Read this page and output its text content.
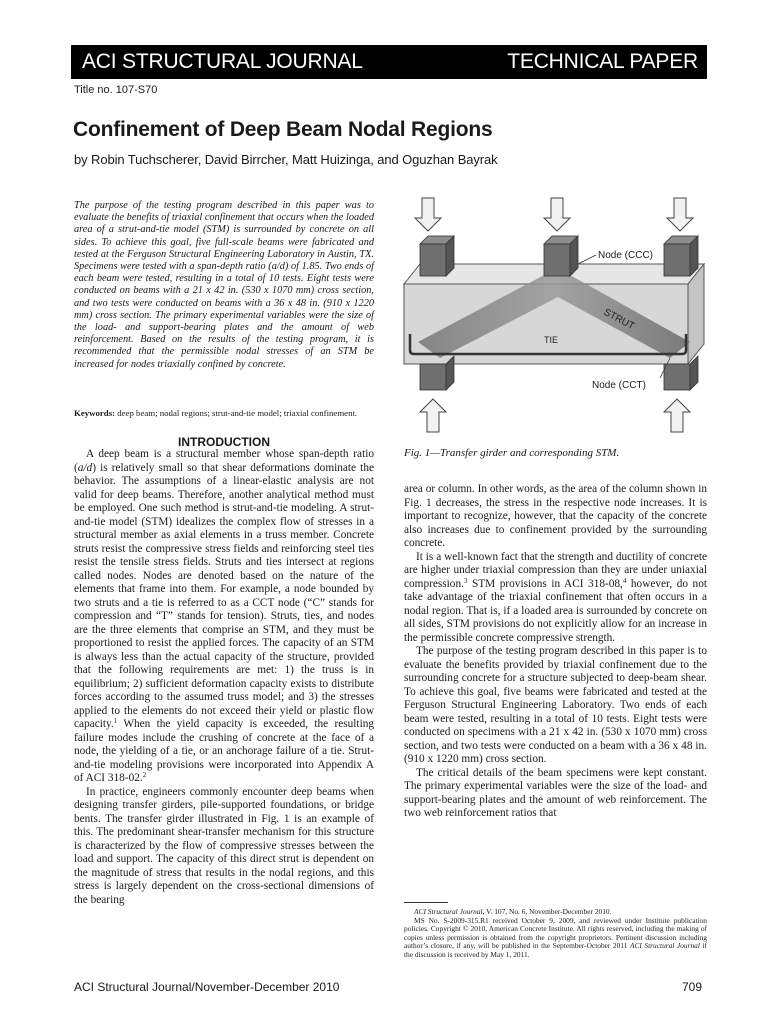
ACI STRUCTURAL JOURNAL	TECHNICAL PAPER
Title no. 107-S70
Confinement of Deep Beam Nodal Regions
by Robin Tuchscherer, David Birrcher, Matt Huizinga, and Oguzhan Bayrak

The purpose of the testing program described in this paper was to evaluate the benefits of triaxial confinement that occurs when the loaded area of a strut-and-tie model (STM) is surrounded by concrete on all sides. To achieve this goal, five full-scale beams were fabricated and tested at the Ferguson Structural Engineering Laboratory in Austin, TX. Specimens were tested with a span-depth ratio (a/d) of 1.85. Two ends of each beam were tested, resulting in a total of 10 tests. Eight tests were conducted on beams with a 21 x 42 in. (530 x 1070 mm) cross section, and two tests were conducted on beams with a 36 x 48 in. (910 x 1220 mm) cross section. The primary experimental variables were the size of the load- and support-bearing plates and the amount of web reinforcement. Based on the results of the testing program, it is recommended that the permissible nodal stresses of an STM be increased for nodes triaxially confined by concrete.

Keywords: deep beam; nodal regions; strut-and-tie model; triaxial confinement.

INTRODUCTION

A deep beam is a structural member whose span-depth ratio (a/d) is relatively small so that shear deformations dominate the behavior. The assumptions of a linear-elastic analysis are not valid for deep beams. Therefore, another analytical method must be employed. One such method is strut-and-tie modeling. A strut-and-tie model (STM) idealizes the complex flow of stresses in a structural member as axial elements in a truss member. Concrete struts resist the compressive stress fields and reinforcing steel ties resist the tensile stress fields. Struts and ties intersect at regions called nodes. Nodes are denoted based on the nature of the elements that frame into them. For example, a node bounded by two struts and a tie is referred to as a CCT node (“C” stands for compression and “T” stands for tension). Struts, ties, and nodes are the three elements that comprise an STM, and they must be proportioned to resist the applied forces. The capacity of an STM is always less than the actual capacity of the structure, provided that the following requirements are met: 1) the truss is in equilibrium; 2) sufficient deformation capacity exists to distribute forces according to the assumed truss model; and 3) the stresses applied to the elements do not exceed their yield or plastic flow capacity.$^1$ When the yield capacity is exceeded, the resulting failure modes include the crushing of concrete at the face of a node, the yielding of a tie, or an anchorage failure of a tie. Strut-and-tie modeling provisions were incorporated into Appendix A of ACI 318-02.$^2$

In practice, engineers commonly encounter deep beams when designing transfer girders, pile-supported foundations, or bridge bents. The transfer girder illustrated in Fig. 1 is an example of this. The predominant shear-transfer mechanism for this structure is characterized by the flow of compressive stresses between the load and support. The capacity of this direct strut is dependent on the magnitude of stress that results in the nodal regions, and this stress is largely dependent on the cross-sectional dimensions of the bearing

Node (CCC)
STRUT
TIE
Node (CCT)

Fig. 1—Transfer girder and corresponding STM.

area or column. In other words, as the area of the column shown in Fig. 1 decreases, the stress in the respective node increases. It is important to recognize, however, that the capacity of the concrete also increases due to confinement provided by the surrounding concrete.

It is a well-known fact that the strength and ductility of concrete are higher under triaxial compression than they are under uniaxial compression.$^3$ STM provisions in ACI 318-08,$^4$ however, do not take advantage of the triaxial confinement that often occurs in a nodal region. That is, if a loaded area is surrounded by concrete on all sides, STM provisions do not explicitly allow for an increase in the permissible concrete compressive strength.

The purpose of the testing program described in this paper is to evaluate the benefits provided by triaxial confinement due to the surrounding concrete for a structure subjected to deep-beam shear. To achieve this goal, five beams were fabricated and tested at the Ferguson Structural Engineering Laboratory. Two ends of each beam were tested, resulting in a total of 10 tests. Eight tests were conducted on specimens with a 21 x 42 in. (530 x 1070 mm) cross section, and two tests were conducted on a beam with a 36 x 48 in. (910 x 1220 mm) cross section.

The critical details of the beam specimens were kept constant. The primary experimental variables were the size of the load- and support-bearing plates and the amount of web reinforcement. The two web reinforcement ratios that

ACI Structural Journal, V. 107, No. 6, November-December 2010.

MS No. S-2009-315.R1 received October 9, 2009, and reviewed under Institute publication policies. Copyright © 2010, American Concrete Institute. All rights reserved, including the making of copies unless permission is obtained from the copyright proprietors. Pertinent discussion including author’s closure, if any, will be published in the September-October 2011 ACI Structural Journal if the discussion is received by May 1, 2011.

ACI Structural Journal/November-December 2010	709
